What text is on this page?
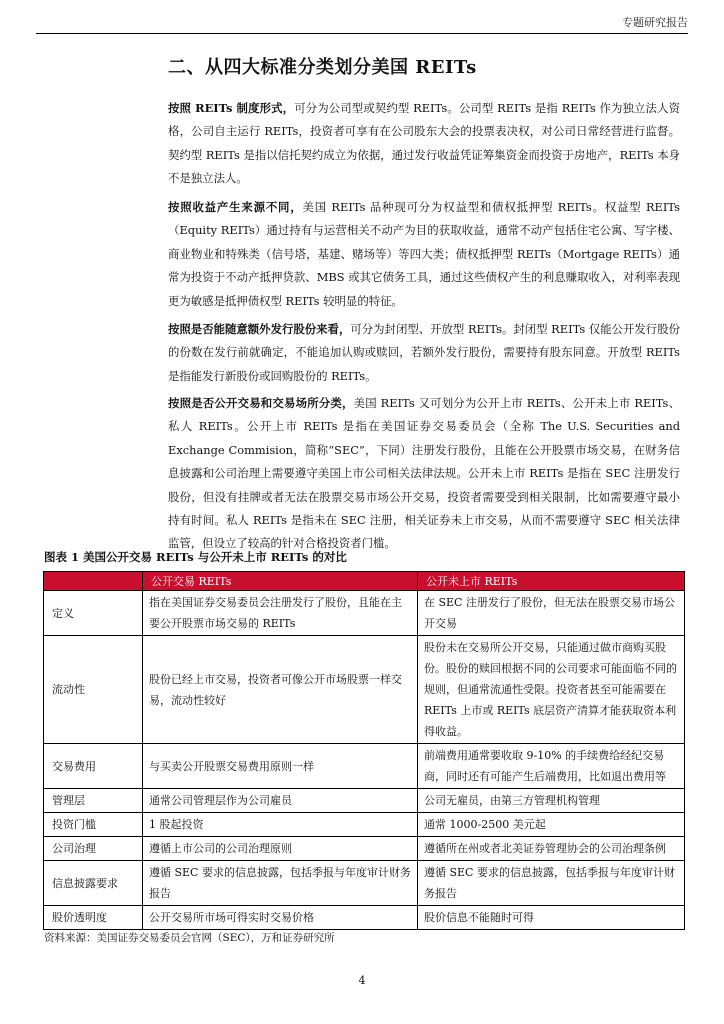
专题研究报告
二、从四大标准分类划分美国 REITs

按照 REITs 制度形式，可分为公司型或契约型 REITs。公司型 REITs 是指 REITs 作为独立法人资格，公司自主运行 REITs，投资者可享有在公司股东大会的投票表决权，对公司日常经营进行监督。契约型 REITs 是指以信托契约成立为依据，通过发行收益凭证筹集资金而投资于房地产，REITs 本身不是独立法人。

按照收益产生来源不同，美国 REITs 品种现可分为权益型和债权抵押型 REITs。权益型 REITs（Equity REITs）通过持有与运营相关不动产为目的获取收益，通常不动产包括住宅公寓、写字楼、商业物业和特殊类（信号塔，基建、赌场等）等四大类；债权抵押型 REITs（Mortgage REITs）通常为投资于不动产抵押贷款、MBS 或其它债务工具，通过这些债权产生的利息赚取收入，对利率表现更为敏感是抵押债权型 REITs 较明显的特征。

按照是否能随意额外发行股份来看，可分为封闭型、开放型 REITs。封闭型 REITs 仅能公开发行股份的份数在发行前就确定，不能追加认购或赎回，若额外发行股份，需要持有股东同意。开放型 REITs 是指能发行新股份或回购股份的 REITs。

按照是否公开交易和交易场所分类，美国 REITs 又可划分为公开上市 REITs、公开未上市 REITs、私人 REITs。公开上市 REITs 是指在美国证券交易委员会（全称 The U.S. Securities and Exchange Commision，简称“SEC”，下同）注册发行股份，且能在公开股票市场交易，在财务信息披露和公司治理上需要遵守美国上市公司相关法律法规。公开未上市 REITs 是指在 SEC 注册发行股份，但没有挂牌或者无法在股票交易市场公开交易，投资者需要受到相关限制，比如需要遵守最小持有时间。私人 REITs 是指未在 SEC 注册，相关证券未上市交易，从而不需要遵守 SEC 相关法律监管，但设立了较高的针对合格投资者门槛。

图表 1 美国公开交易 REITs 与公开未上市 REITs 的对比

	公开交易 REITs	公开未上市 REITs
定义	指在美国证券交易委员会注册发行了股份，且能在主要公开股票市场交易的 REITs	在 SEC 注册发行了股份，但无法在股票交易市场公开交易
流动性	股份已经上市交易，投资者可像公开市场股票一样交易，流动性较好	股份未在交易所公开交易，只能通过做市商购买股份。股份的赎回根据不同的公司要求可能面临不同的规则，但通常流通性受限。投资者甚至可能需要在 REITs 上市或 REITs 底层资产清算才能获取资本利得收益。
交易费用	与买卖公开股票交易费用原则一样	前端费用通常要收取 9-10% 的手续费给经纪交易商，同时还有可能产生后端费用，比如退出费用等
管理层	通常公司管理层作为公司雇员	公司无雇员，由第三方管理机构管理
投资门槛	1 股起投资	通常 1000-2500 美元起
公司治理	遵循上市公司的公司治理原则	遵循所在州或者北美证券管理协会的公司治理条例
信息披露要求	遵循 SEC 要求的信息披露，包括季报与年度审计财务报告	遵循 SEC 要求的信息披露，包括季报与年度审计财务报告
股价透明度	公开交易所市场可得实时交易价格	股价信息不能随时可得

资料来源：美国证券交易委员会官网（SEC），万和证券研究所

4
